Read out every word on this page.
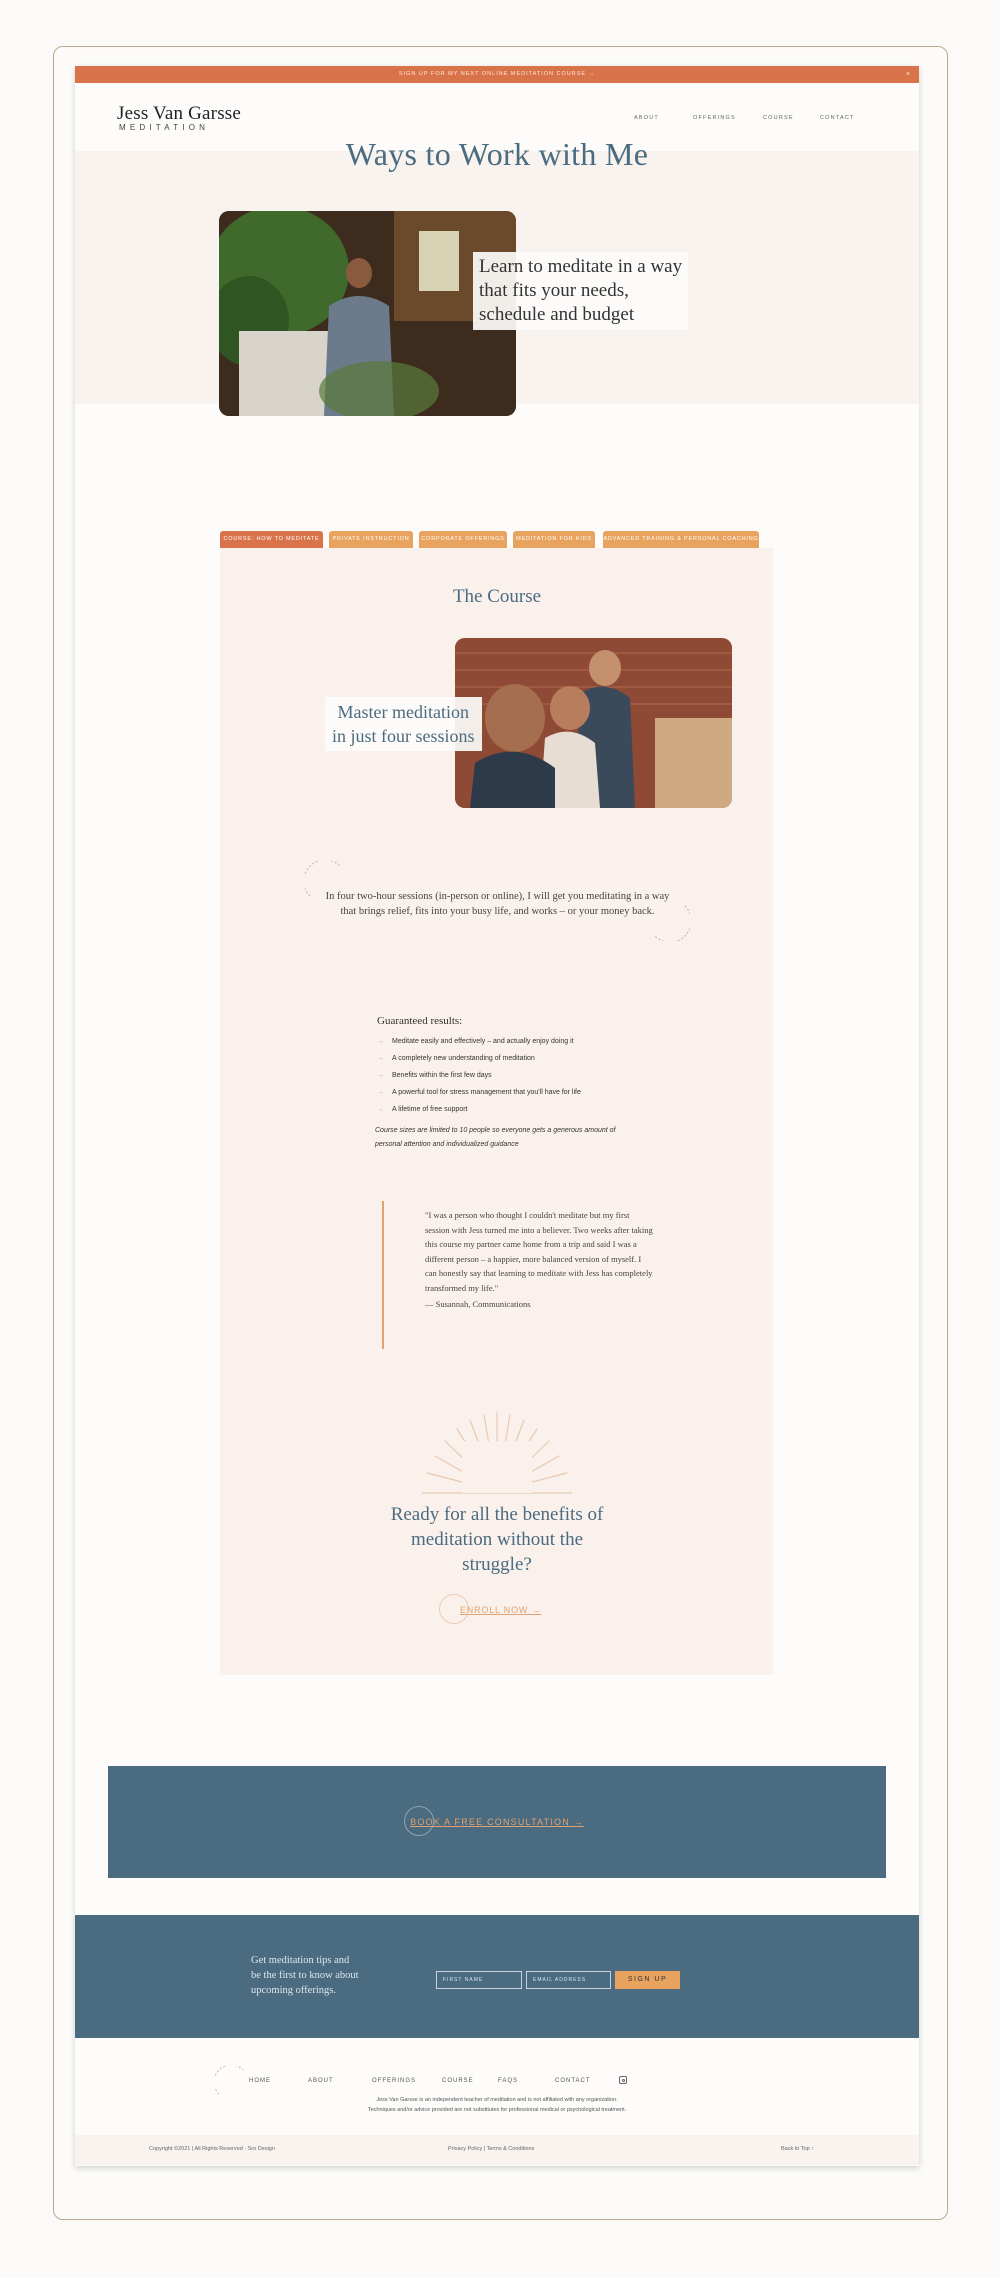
SIGN UP FOR MY NEXT ONLINE MEDITATION COURSE →	×
Jess Van Garsse
MEDITATION
ABOUT	OFFERINGS	COURSE	CONTACT
Ways to Work with Me
Learn to meditate in a way
that fits your needs,
schedule and budget
COURSE: HOW TO MEDITATE	PRIVATE INSTRUCTION	CORPORATE OFFERINGS	MEDITATION FOR KIDS	ADVANCED TRAINING & PERSONAL COACHING
The Course
Master meditation
in just four sessions
In four two-hour sessions (in-person or online), I will get you meditating in a way that brings relief, fits into your busy life, and works – or your money back.
Guaranteed results:
→ Meditate easily and effectively – and actually enjoy doing it
→ A completely new understanding of meditation
→ Benefits within the first few days
→ A powerful tool for stress management that you'll have for life
→ A lifetime of free support
Course sizes are limited to 10 people so everyone gets a generous amount of personal attention and individualized guidance
"I was a person who thought I couldn't meditate but my first session with Jess turned me into a believer. Two weeks after taking this course my partner came home from a trip and said I was a different person – a happier, more balanced version of myself. I can honestly say that learning to meditate with Jess has completely transformed my life."
— Susannah, Communications
Ready for all the benefits of
meditation without the
struggle?
ENROLL NOW →
BOOK A FREE CONSULTATION →
Get meditation tips and
be the first to know about
upcoming offerings.
FIRST NAME	EMAIL ADDRESS	SIGN UP
HOME	ABOUT	OFFERINGS	COURSE	FAQS	CONTACT
Jess Van Garsse is an independent teacher of meditation and is not affiliated with any organization.
Techniques and/or advice provided are not substitutes for professional medical or psychological treatment.
Copyright ©2021 | All Rights Reserved · Sro Design	Privacy Policy | Terms & Conditions	Back to Top ↑
